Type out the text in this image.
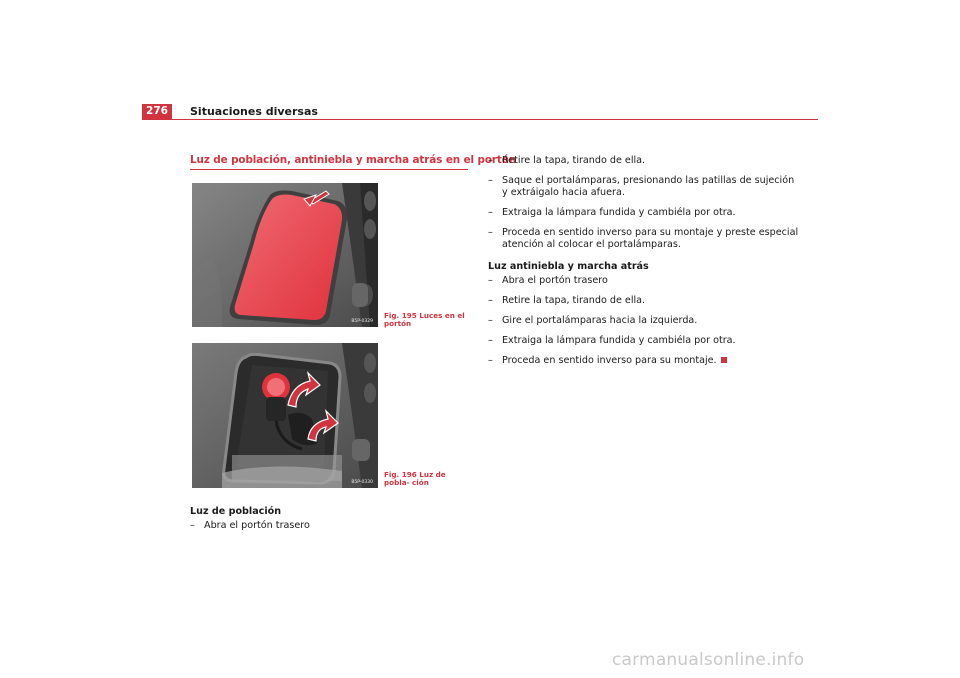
276	Situaciones diversas
Luz de población, antiniebla y marcha atrás en el portón
B5P-0329
Fig. 195 Luces en el portón
B5P-0330
Fig. 196 Luz de pobla- ción
Luz de población
– Abra el portón trasero
– Retire la tapa, tirando de ella.
– Saque el portalámparas, presionando las patillas de sujeción y extráigalo hacia afuera.
– Extraiga la lámpara fundida y cambiéla por otra.
– Proceda en sentido inverso para su montaje y preste especial atención al colocar el portalámparas.
Luz antiniebla y marcha atrás
– Abra el portón trasero
– Retire la tapa, tirando de ella.
– Gire el portalámparas hacia la izquierda.
– Extraiga la lámpara fundida y cambiéla por otra.
– Proceda en sentido inverso para su montaje.
carmanualsonline.info
